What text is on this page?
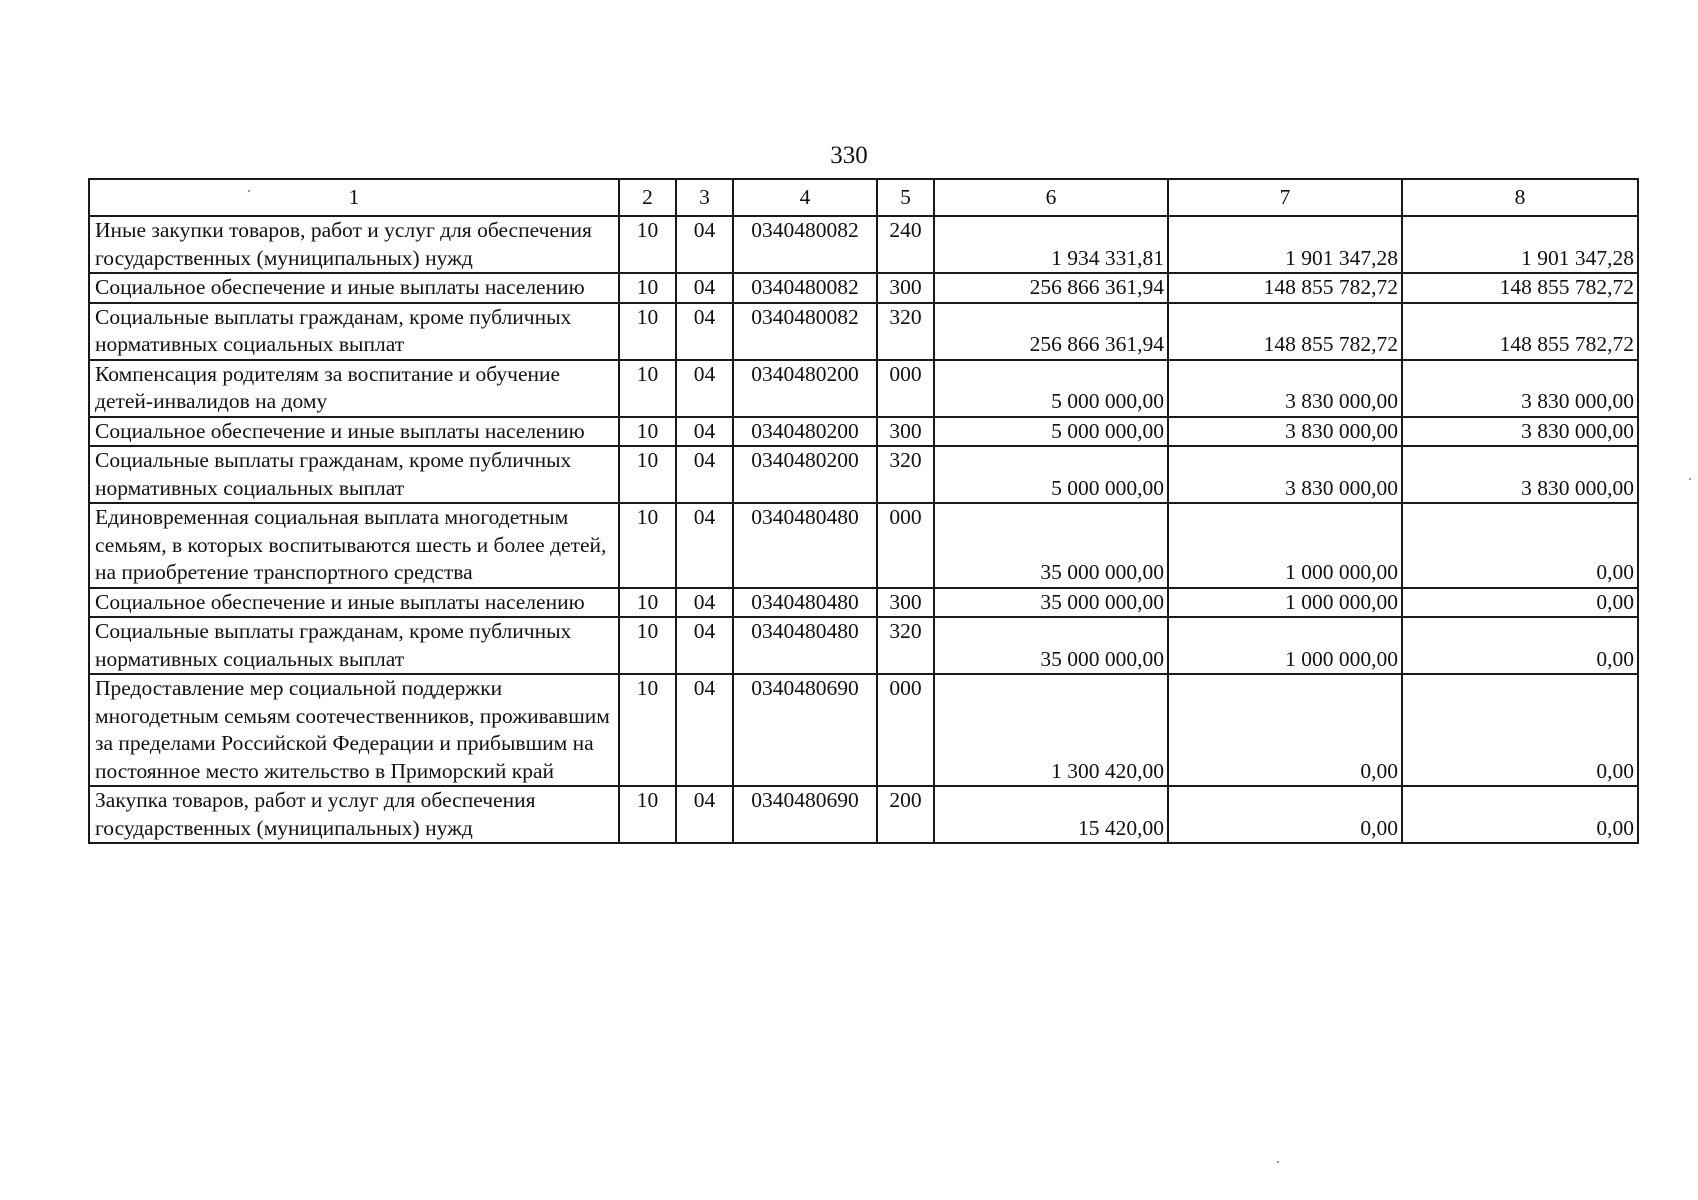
330
1	2	3	4	5	6	7	8
Иные закупки товаров, работ и услуг для обеспечения государственных (муниципальных) нужд	10	04	0340480082	240	1 934 331,81	1 901 347,28	1 901 347,28
Социальное обеспечение и иные выплаты населению	10	04	0340480082	300	256 866 361,94	148 855 782,72	148 855 782,72
Социальные выплаты гражданам, кроме публичных нормативных социальных выплат	10	04	0340480082	320	256 866 361,94	148 855 782,72	148 855 782,72
Компенсация родителям за воспитание и обучение детей-инвалидов на дому	10	04	0340480200	000	5 000 000,00	3 830 000,00	3 830 000,00
Социальное обеспечение и иные выплаты населению	10	04	0340480200	300	5 000 000,00	3 830 000,00	3 830 000,00
Социальные выплаты гражданам, кроме публичных нормативных социальных выплат	10	04	0340480200	320	5 000 000,00	3 830 000,00	3 830 000,00
Единовременная социальная выплата многодетным семьям, в которых воспитываются шесть и более детей, на приобретение транспортного средства	10	04	0340480480	000	35 000 000,00	1 000 000,00	0,00
Социальное обеспечение и иные выплаты населению	10	04	0340480480	300	35 000 000,00	1 000 000,00	0,00
Социальные выплаты гражданам, кроме публичных нормативных социальных выплат	10	04	0340480480	320	35 000 000,00	1 000 000,00	0,00
Предоставление мер социальной поддержки многодетным семьям соотечественников, проживавшим за пределами Российской Федерации и прибывшим на постоянное место жительство в Приморский край	10	04	0340480690	000	1 300 420,00	0,00	0,00
Закупка товаров, работ и услуг для обеспечения государственных (муниципальных) нужд	10	04	0340480690	200	15 420,00	0,00	0,00
